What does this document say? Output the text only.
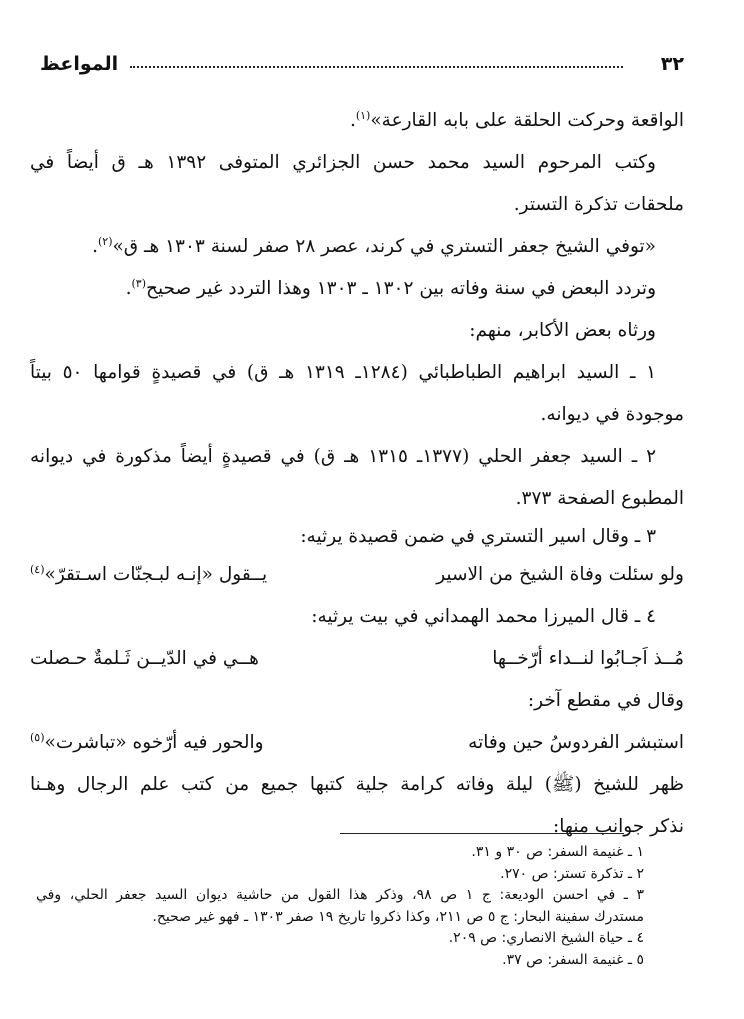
٣٢
المواعظ
الواقعة وحركت الحلقة على بابه القارعة»$^{(١)}$.
وكتب المرحوم السيد محمد حسن الجزائري المتوفى ١٣٩٢ هـ ق أيضاً في
ملحقات تذكرة التستر.
«توفي الشيخ جعفر التستري في كرند، عصر ٢٨ صفر لسنة ١٣٠٣ هـ ق»$^{(٢)}$.
وتردد البعض في سنة وفاته بين ١٣٠٢ ـ ١٣٠٣ وهذا التردد غير صحيح$^{(٣)}$.
ورثاه بعض الأكابر، منهم:
١ ـ السيد ابراهيم الطباطبائي (١٢٨٤ـ ١٣١٩ هـ ق) في قصيدةٍ قوامها ٥٠ بيتاً
موجودة في ديوانه.
٢ ـ السيد جعفر الحلي (١٣٧٧ـ ١٣١٥ هـ ق) في قصيدةٍ أيضاً مذكورة في ديوانه
المطبوع الصفحة ٣٧٣.
٣ ـ وقال اسير التستري في ضمن قصيدة يرثيه:
ولو سئلت وفاة الشيخ من الاسير
يــقول «إنـه لبـجنّات اسـتقرّ»$^{(٤)}$
٤ ـ قال الميرزا محمد الهمداني في بيت يرثيه:
مُــذ اَجـابُوا لنــداء أرّخــها
هــي في الدّيــن ثَـلمةٌ حـصلت
وقال في مقطع آخر:
استبشر الفردوسُ حين وفاته
والحور فيه أرّخوه «تباشرت»$^{(٥)}$
ظهر للشيخ (ﷺ) ليلة وفاته كرامة جلية كتبها جميع من كتب علم الرجال وهـنا
نذكر جوانب منها:
١ ـ غنيمة السفر: ص ٣٠ و ٣١.
٢ ـ تذكرة تستر: ص ٢٧٠.
٣ ـ في احسن الوديعة: ج ١ ص ٩٨، وذكر هذا القول من حاشية ديوان السيد جعفر الحلي، وفي
مستدرك سفينة البحار: ج ٥ ص ٢١١، وكذا ذكروا تاريخ ١٩ صفر ١٣٠٣ ـ فهو غير صحيح.
٤ ـ حياة الشيخ الانصاري: ص ٢٠٩.
٥ ـ غنيمة السفر: ص ٣٧.
